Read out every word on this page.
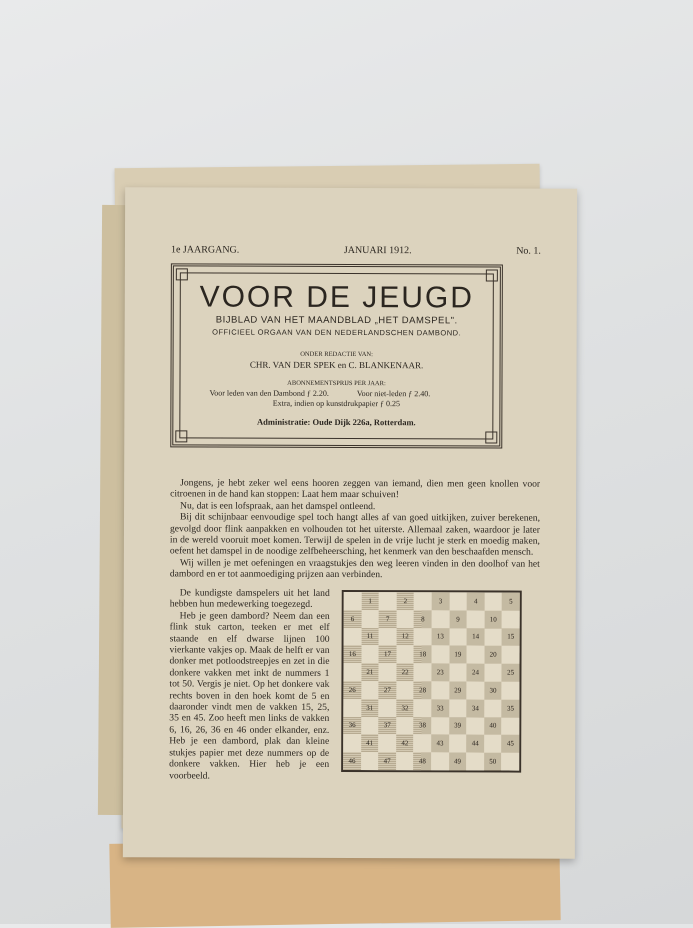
1e JAARGANG.	JANUARI 1912.	No. 1.
VOOR DE JEUGD
BIJBLAD VAN HET MAANDBLAD „HET DAMSPEL".
OFFICIEEL ORGAAN VAN DEN NEDERLANDSCHEN DAMBOND.
ONDER REDACTIE VAN:
CHR. VAN DER SPEK en C. BLANKENAAR.
ABONNEMENTSPRIJS PER JAAR:
Voor leden van den Dambond ƒ 2.20.	Voor niet-leden ƒ 2.40.
Extra, indien op kunstdrukpapier ƒ 0.25
Administratie: Oude Dijk 226a, Rotterdam.

Jongens, je hebt zeker wel eens hooren zeggen van iemand, dien men geen knollen voor citroenen in de hand kan stoppen: Laat hem maar schuiven!

Nu, dat is een lofspraak, aan het damspel ontleend.

Bij dit schijnbaar eenvoudige spel toch hangt alles af van goed uitkijken, zuiver berekenen, gevolgd door flink aanpakken en volhouden tot het uiterste. Allemaal zaken, waardoor je later in de wereld vooruit moet komen. Terwijl de spelen in de vrije lucht je sterk en moedig maken, oefent het damspel in de noodige zelfbeheersching, het kenmerk van den beschaafden mensch.

Wij willen je met oefeningen en vraagstukjes den weg leeren vinden in den doolhof van het dambord en er tot aanmoediging prijzen aan verbinden.

De kundigste damspelers uit het land hebben hun medewerking toegezegd.

Heb je geen dambord? Neem dan een flink stuk carton, teeken er met elf staande en elf dwarse lijnen 100 vierkante vakjes op. Maak de helft er van donker met potloodstreepjes en zet in die donkere vakken met inkt de nummers 1 tot 50. Vergis je niet. Op het donkere vak rechts boven in den hoek komt de 5 en daaronder vindt men de vakken 15, 25, 35 en 45. Zoo heeft men links de vakken 6, 16, 26, 36 en 46 onder elkander, enz. Heb je een dambord, plak dan kleine stukjes papier met deze nummers op de donkere vakken. Hier heb je een voorbeeld.

1	2	3	4	5
6	7	8	9	10
11	12	13	14	15
16	17	18	19	20
21	22	23	24	25
26	27	28	29	30
31	32	33	34	35
36	37	38	39	40
41	42	43	44	45
46	47	48	49	50
